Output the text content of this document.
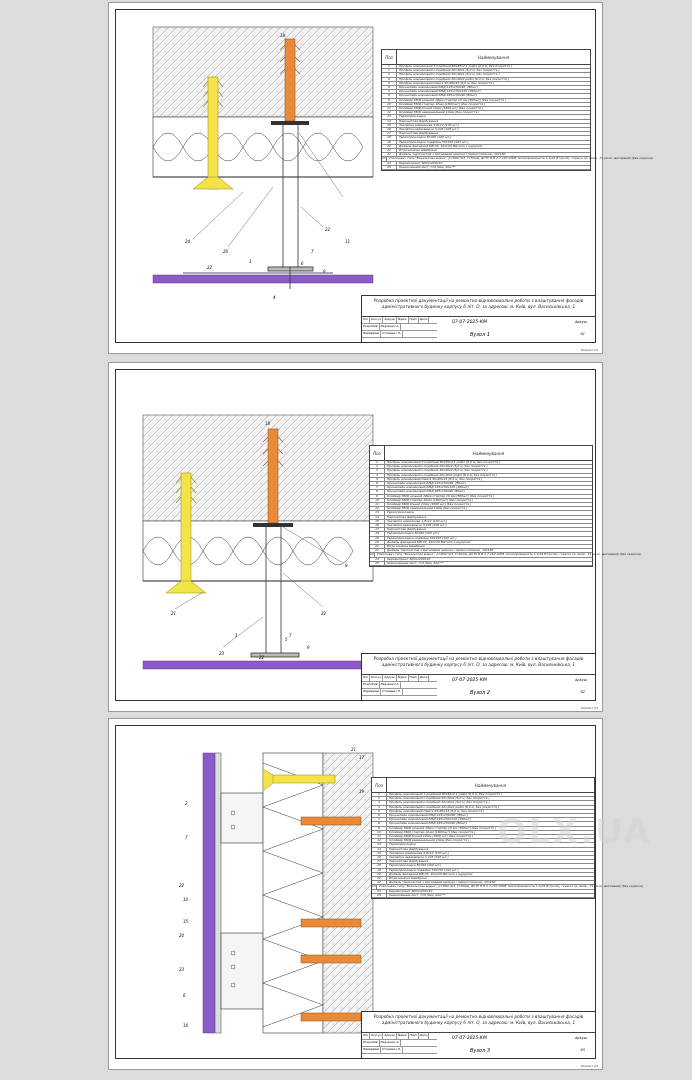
18
22
20
24
7
6
1
9
22
11
4
Поз	Найменування
1	Профіль алюмінієвий Т-подібний 80х55х2,1 рифл (6,0 м, без покриття )
2	Профіль алюмінієвий L-подібний 20х40х2 (6,0 м, без покриття )
3	Профіль алюмінієвий L-подібний 40х40х2 (6,0 м, без покриття )
4	Профіль алюмінієвий L-подібний 20х40х2 рифл (6,0 м, без покриття )
5	Профіль алюмінієвий Омега 50х85х15 (6,0 м, без покриття )
6	Кронштейн алюмінієвий КМД 145х150х90, (80шт)
7	Кронштейн алюмінієвий КМД 145х150х120 (190шт)
8	Кронштейн алюмінієвий КМД 185х150х90 (80шт)
9	Кляймер КМД цільний 18мм стартер 10 мм (500шт) (без покриття )
10	Кляймер КМД стартер 10мм (1800 шт) (без покриття )
11	Кляймер КМД бічний 10мм (1800 шт) (без покриття )
12	Кляймер КМД завершальний 10мм (без покриття )
13	Термопрокладка
14	Паронитова фарбування
15	Заклепка алюмінієва 4,8х12 (100 шт.)
16	Заклепка нержавіюча 3,2х8 (100 шт.)
17	Паронитове фарбування
18	Термопрокладка 50х60 (100 шт.)
19	Термопрокладка подвійна 50х150 (100 шт.)
20	Дюбель фасадний МВ-33, 10х120 Металл з шурупом
21	Вітрозахисна мембрана
22	Дюбель тарілчастий з металевим цвяхом і термоголовкою, 10х160
23	Утеплювач типу "Базальтова вовна", р=80кг/м3, t=50мм, ДСТУ Б В.2.7-167:2008 теплопровідність λ 0,04 Вт/(м•К), горюча гр. випр. -Т1 розп. (вогневий) (без окраски)
24	Керамограніт 600х1200х10
25	Оцинкований лист, t=0,5мм, RAL***
Розробка проектної документації на ремонтно-відновлювальні роботи з влаштування фасадів адміністративного будинку корпусу 6 літ. О, за адресою: м. Київ, вул. Васильківська, 1
Ніл	Кол.уч	Аркуш	№док	Підп	Дата
Розробив	Радченко А.
Перевірив	Стасевич Н.
07-07-2025-КМ
Вузол 1
Аркуш
61
Формат А3
18
8
22
21
23
1	7
9
5
22
Поз	Найменування
1	Профіль алюмінієвий Т-подібний 80х55х2,1 рифл (6,0 м, без покриття )
2	Профіль алюмінієвий L-подібний 20х40х2 (6,0 м, без покриття )
3	Профіль алюмінієвий L-подібний 40х40х2 (6,0 м, без покриття )
4	Профіль алюмінієвий L-подібний 20х40х2 рифл (6,0 м, без покриття )
5	Профіль алюмінієвий Омега 50х85х15 (6,0 м, без покриття )
6	Кронштейн алюмінієвий КМД 145х150х90, (80шт)
7	Кронштейн алюмінієвий КМД 145х150х120 (190шт)
8	Кронштейн алюмінієвий КМД 185х150х90 (80шт)
9	Кляймер КМД цільний 18мм стартер 10 мм (500шт) (без покриття )
10	Кляймер КМД стартер 10мм (1800 шт) (без покриття )
11	Кляймер КМД бічний 10мм (1800 шт) (без покриття )
12	Кляймер КМД завершальний 10мм (без покриття )
13	Термопрокладка
14	Паронитова фарбування
15	Заклепка алюмінієва 4,8х12 (100 шт.)
16	Заклепка нержавіюча 3,2х8 (100 шт.)
17	Паронитове фарбування
18	Термопрокладка 50х60 (100 шт.)
19	Термопрокладка подвійна 50х150 (100 шт.)
20	Дюбель фасадний МВ-33, 10х120 Металл з шурупом
21	Вітрозахисна мембрана
22	Дюбель тарілчастий з металевим цвяхом і термоголовкою, 10х160
23	Утеплювач типу "Базальтова вовна", р=80кг/м3, t=50мм, ДСТУ Б В.2.7-167:2008 теплопровідність λ 0,04 Вт/(м•К), горюча гр. випр. -Т1 розп. (вогневий) (без окраски)
24	Керамограніт 600х1200х10
25	Оцинкований лист, t=0,5мм, RAL***
Розробка проектної документації на ремонтно-відновлювальні роботи з влаштування фасадів адміністративного будинку корпусу 6 літ. О, за адресою: м. Київ, вул. Васильківська, 1
Ніл	Кол.уч	Аркуш	№док	Підп	Дата
Розробив	Радченко А.
Перевірив	Стасевич Н.
07-07-2025-КМ
Вузол 2
Аркуш
62
Формат А3
21
17
19
2
7
22
10
15
20
23
6
16
Поз	Найменування
1	Профіль алюмінієвий Т-подібний 80х55х2,1 рифл (6,0 м, без покриття )
2	Профіль алюмінієвий L-подібний 20х40х2 (6,0 м, без покриття )
3	Профіль алюмінієвий L-подібний 40х40х2 (6,0 м, без покриття )
4	Профіль алюмінієвий L-подібний 20х40х2 рифл (6,0 м, без покриття )
5	Профіль алюмінієвий Омега 50х85х15 (6,0 м, без покриття )
6	Кронштейн алюмінієвий КМД 145х150х90, (80шт)
7	Кронштейн алюмінієвий КМД 145х150х120 (190шт)
8	Кронштейн алюмінієвий КМД 185х150х90 (80шт)
9	Кляймер КМД цільний 18мм стартер 10 мм (500шт) (без покриття )
10	Кляймер КМД стартер 10мм (1800 шт) (без покриття )
11	Кляймер КМД бічний 10мм (1800 шт) (без покриття )
12	Кляймер КМД завершальний 10мм (без покриття )
13	Термопрокладка
14	Паронитова фарбування
15	Заклепка алюмінієва 4,8х12 (100 шт.)
16	Заклепка нержавіюча 3,2х8 (100 шт.)
17	Паронитове фарбування
18	Термопрокладка 50х60 (100 шт.)
19	Термопрокладка подвійна 50х150 (100 шт.)
20	Дюбель фасадний МВ-33, 10х120 Металл з шурупом
21	Вітрозахисна мембрана
22	Дюбель тарілчастий з металевим цвяхом і термоголовкою, 10х160
23	Утеплювач типу "Базальтова вовна", р=80кг/м3, t=50мм, ДСТУ Б В.2.7-167:2008 теплопровідність λ 0,04 Вт/(м•К), горюча гр. випр. -Т1 розп. (вогневий) (без окраски)
24	Керамограніт 600х1200х10
25	Оцинкований лист, t=0,5мм, RAL***
Розробка проектної документації на ремонтно-відновлювальні роботи з влаштування фасадів адміністративного будинку корпусу 6 літ. О, за адресою: м. Київ, вул. Васильківська, 1
Ніл	Кол.уч	Аркуш	№док	Підп	Дата
Розробив	Радченко А.
Перевірив	Стасевич Н.
07-07-2025-КМ
Вузол 3
Аркуш
63
Формат А3
OLX.UA
